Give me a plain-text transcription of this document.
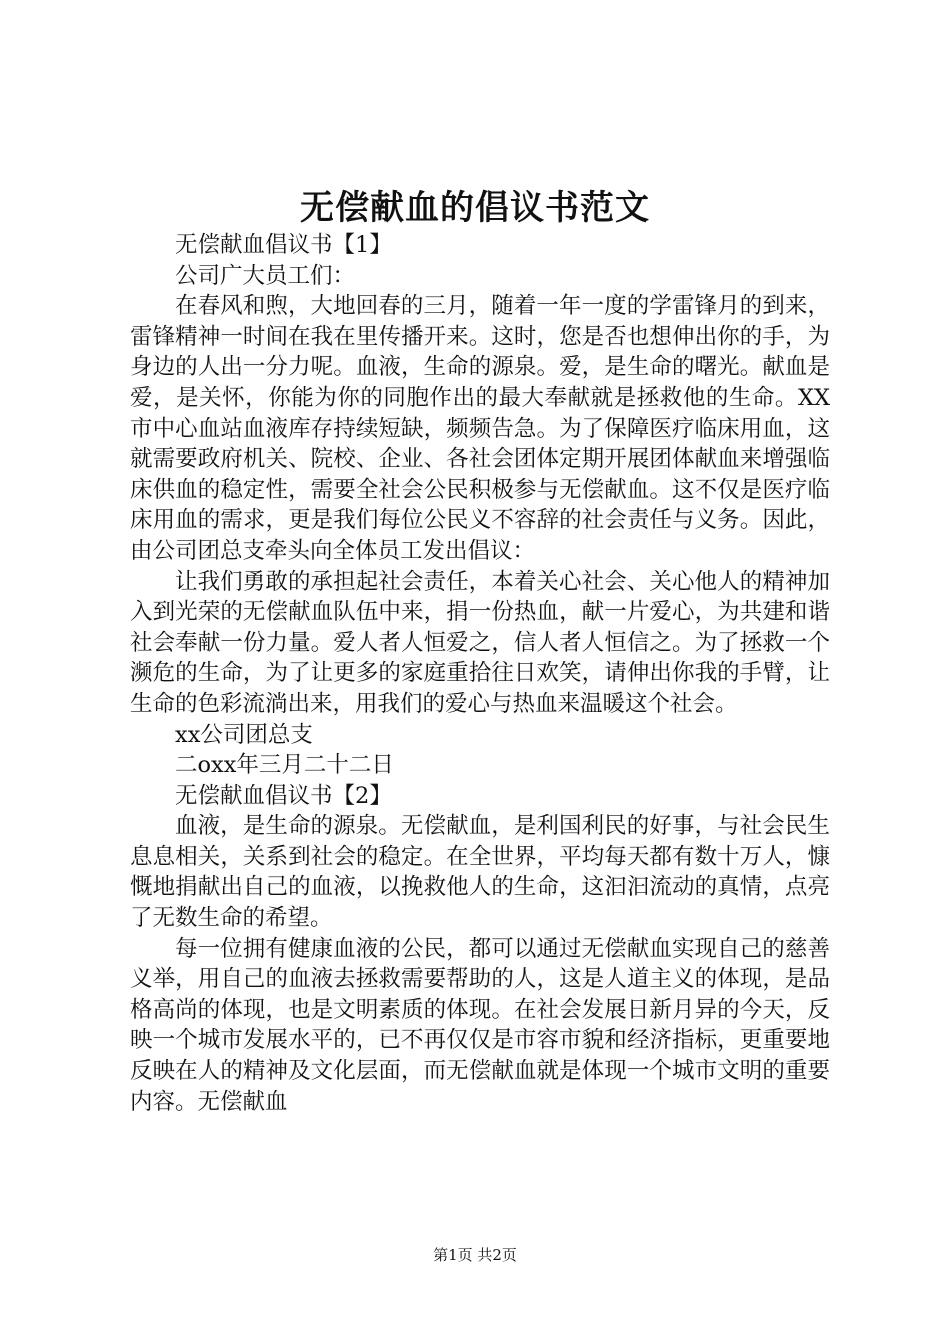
无偿献血的倡议书范文

无偿献血倡议书【1】

公司广大员工们：

在春风和煦，大地回春的三月，随着一年一度的学雷锋月的到来，雷锋精神一时间在我在里传播开来。这时，您是否也想伸出你的手，为身边的人出一分力呢。血液，生命的源泉。爱，是生命的曙光。献血是爱，是关怀，你能为你的同胞作出的最大奉献就是拯救他的生命。XX市中心血站血液库存持续短缺，频频告急。为了保障医疗临床用血，这就需要政府机关、院校、企业、各社会团体定期开展团体献血来增强临床供血的稳定性，需要全社会公民积极参与无偿献血。这不仅是医疗临床用血的需求，更是我们每位公民义不容辞的社会责任与义务。因此，由公司团总支牵头向全体员工发出倡议：

让我们勇敢的承担起社会责任，本着关心社会、关心他人的精神加入到光荣的无偿献血队伍中来，捐一份热血，献一片爱心，为共建和谐社会奉献一份力量。爱人者人恒爱之，信人者人恒信之。为了拯救一个濒危的生命，为了让更多的家庭重拾往日欢笑，请伸出你我的手臂，让生命的色彩流淌出来，用我们的爱心与热血来温暖这个社会。

xx公司团总支

二oxx年三月二十二日

无偿献血倡议书【2】

血液，是生命的源泉。无偿献血，是利国利民的好事，与社会民生息息相关，关系到社会的稳定。在全世界，平均每天都有数十万人，慷慨地捐献出自己的血液，以挽救他人的生命，这汩汩流动的真情，点亮了无数生命的希望。

每一位拥有健康血液的公民，都可以通过无偿献血实现自己的慈善义举，用自己的血液去拯救需要帮助的人，这是人道主义的体现，是品格高尚的体现，也是文明素质的体现。在社会发展日新月异的今天，反映一个城市发展水平的，已不再仅仅是市容市貌和经济指标，更重要地反映在人的精神及文化层面，而无偿献血就是体现一个城市文明的重要内容。无偿献血

第1页 共2页
